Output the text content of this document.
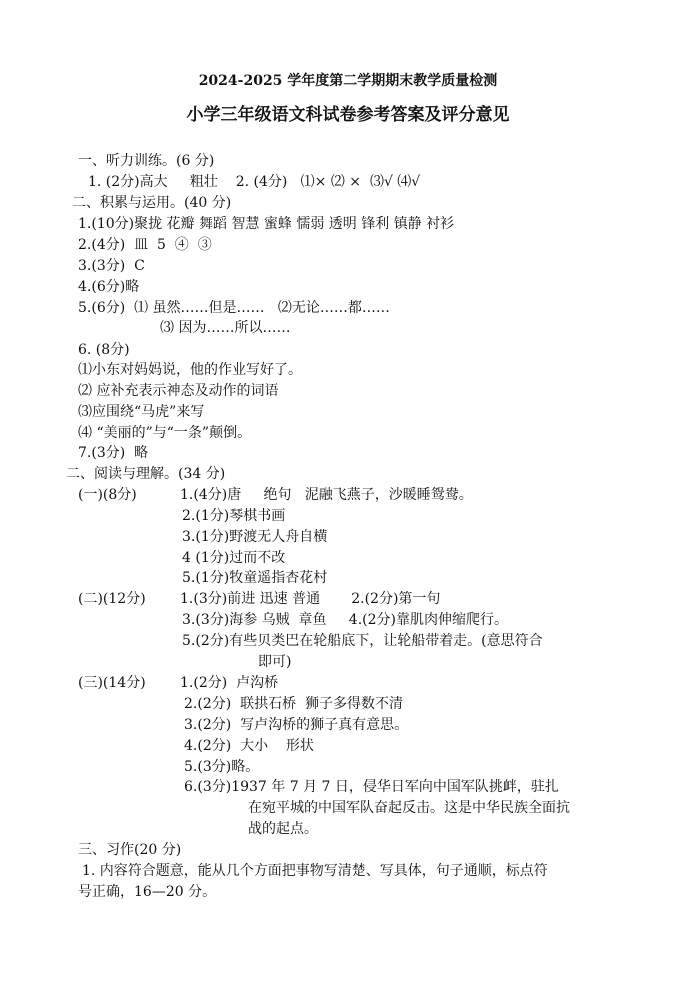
2024-2025 学年度第二学期期末教学质量检测
小学三年级语文科试卷参考答案及评分意见
一、听力训练。(6 分)
1. (2分)高大     粗壮    2. (4分)   ⑴× ⑵ ×  ⑶√ ⑷√
二、积累与运用。(40 分)
1.(10分)聚拢 花瓣 舞蹈 智慧 蜜蜂 懦弱 透明 锋利 镇静 衬衫
2.(4分)  皿  5  ④  ③
3.(3分)  C
4.(6分)略
5.(6分)  ⑴ 虽然……但是……   ⑵无论……都……
⑶ 因为……所以……
6. (8分)
⑴小东对妈妈说，他的作业写好了。
⑵ 应补充表示神态及动作的词语
⑶应围绕“马虎”来写
⑷ “美丽的”与“一条”颠倒。
7.(3分)  略
二、阅读与理解。(34 分)
(一)(8分)	1.(4分)唐     绝句   泥融飞燕子，沙暖睡鸳鸯。
2.(1分)琴棋书画
3.(1分)野渡无人舟自横
4 (1分)过而不改
5.(1分)牧童遥指杏花村
(二)(12分) 1.(3分)前进 迅速 普通       2.(2分)第一句
3.(3分)海参 乌贼  章鱼     4.(2分)靠肌肉伸缩爬行。
5.(2分)有些贝类巴在轮船底下，让轮船带着走。(意思符合
即可)
(三)(14分) 1.(2分)  卢沟桥
2.(2分)  联拱石桥  狮子多得数不清
3.(2分)  写卢沟桥的狮子真有意思。
4.(2分)  大小    形状
5.(3分)略。
6.(3分)1937 年 7 月 7 日，侵华日军向中国军队挑衅，驻扎
在宛平城的中国军队奋起反击。这是中华民族全面抗
战的起点。
三、习作(20 分)
1. 内容符合题意，能从几个方面把事物写清楚、写具体，句子通顺，标点符
号正确，16—20 分。
